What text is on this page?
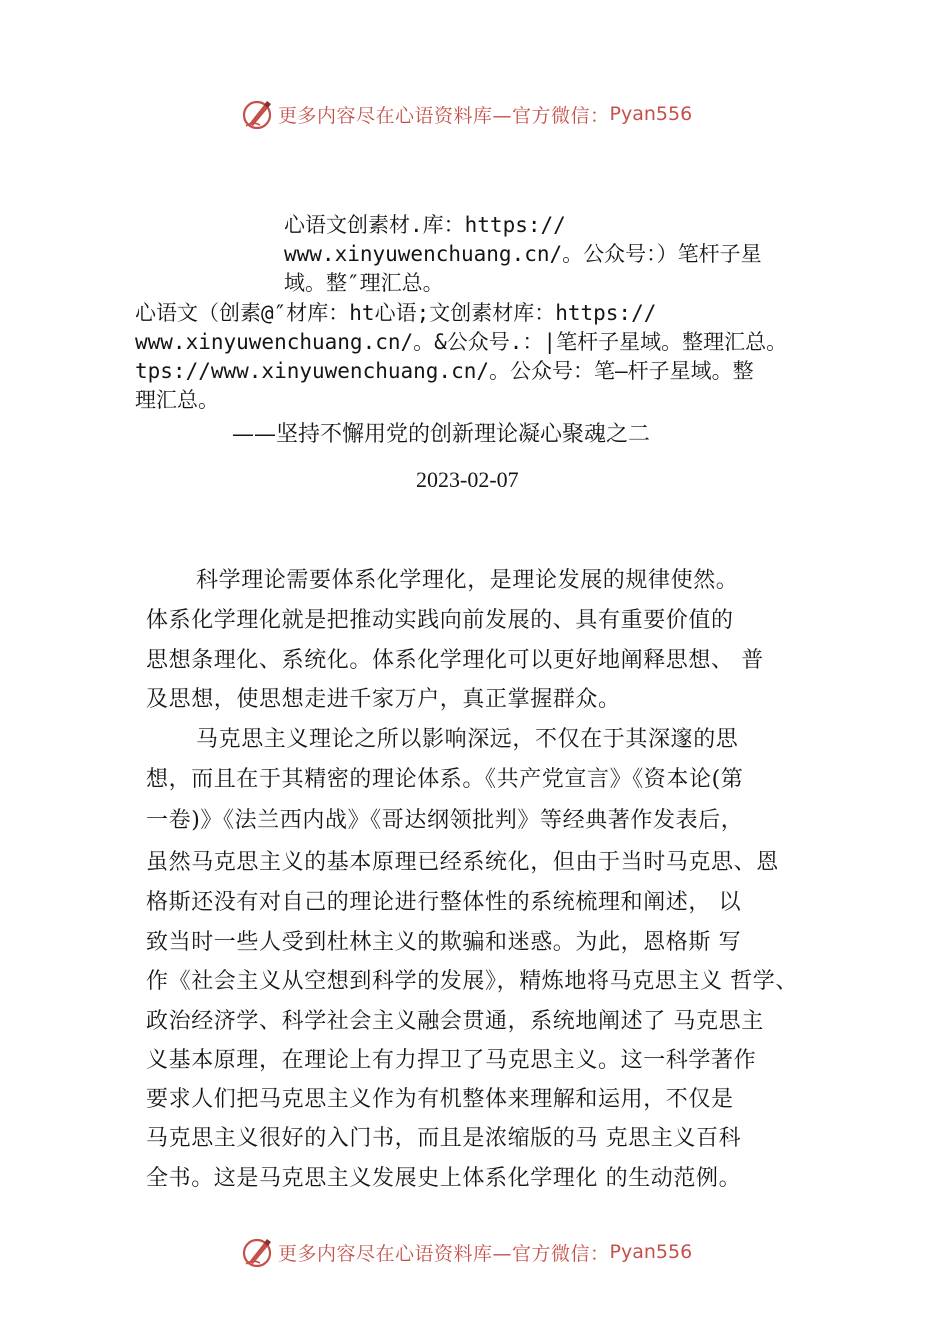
更多内容尽在心语资料库—官方微信： Pyan556
心语文创素材.库：https://
www.xinyuwenchuang.cn/。公众号：）笔杆子星
域。整″理汇总。
心语文（创素@″材库：ht心语;文创素材库：https://
www.xinyuwenchuang.cn/。&公众号.：|笔杆子星域。整理汇总。
tps://www.xinyuwenchuang.cn/。公众号：笔—杆子星域。整
理汇总。
——坚持不懈用党的创新理论凝心聚魂之二
2023-02-07
科学理论需要体系化学理化，是理论发展的规律使然。
体系化学理化就是把推动实践向前发展的、具有重要价值的
思想条理化、系统化。体系化学理化可以更好地阐释思想、 普
及思想，使思想走进千家万户，真正掌握群众。
马克思主义理论之所以影响深远，不仅在于其深邃的思
想，而且在于其精密的理论体系。《共产党宣言》《资本论(第
一卷)》《法兰西内战》《哥达纲领批判》等经典著作发表后，
虽然马克思主义的基本原理已经系统化，但由于当时马克思、恩
格斯还没有对自己的理论进行整体性的系统梳理和阐述， 以
致当时一些人受到杜林主义的欺骗和迷惑。为此，恩格斯 写
作《社会主义从空想到科学的发展》，精炼地将马克思主义 哲学、
政治经济学、科学社会主义融会贯通，系统地阐述了 马克思主
义基本原理，在理论上有力捍卫了马克思主义。这一科学著作
要求人们把马克思主义作为有机整体来理解和运用，不仅是
马克思主义很好的入门书，而且是浓缩版的马 克思主义百科
全书。这是马克思主义发展史上体系化学理化 的生动范例。
更多内容尽在心语资料库—官方微信： Pyan556
